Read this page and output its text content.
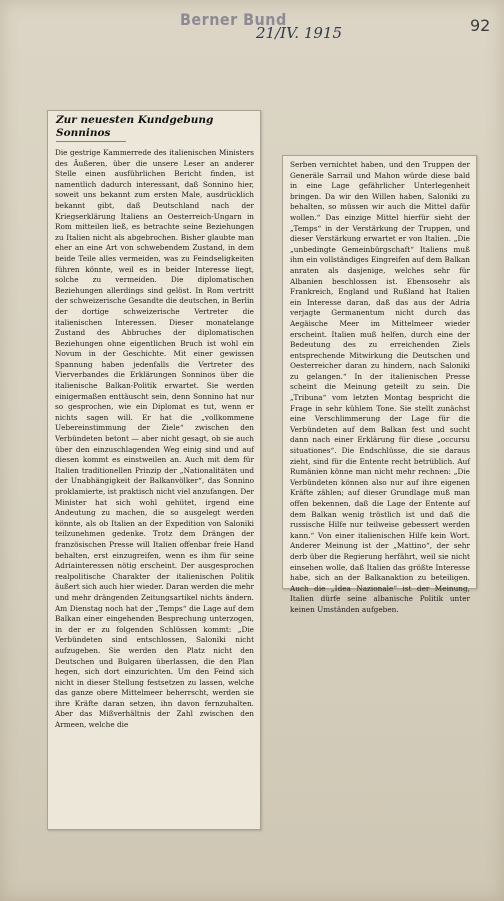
Berner Bund
21/IV. 1915	92
Zur neuesten Kundgebung Sonninos

Die gestrige Kammerrede des italienischen Ministers des Äußeren, über die unsere Leser an anderer Stelle einen ausführlichen Bericht finden, ist namentlich dadurch interessant, daß Sonnino hier, soweit uns bekannt zum ersten Male, ausdrücklich bekannt gibt, daß Deutschland nach der Kriegserklärung Italiens an Oesterreich-Ungarn in Rom mitteilen ließ, es betrachte seine Beziehungen zu Italien nicht als abgebrochen. Bisher glaubte man eher an eine Art von schwebendem Zustand, in dem beide Teile alles vermeiden, was zu Feindseligkeiten führen könnte, weil es in beider Interesse liegt, solche zu vermeiden. Die diplomatischen Beziehungen allerdings sind gelöst. In Rom vertritt der schweizerische Gesandte die deutschen, in Berlin der dortige schweizerische Vertreter die italienischen Interessen. Dieser monatelange Zustand des Abbruches der diplomatischen Beziehungen ohne eigentlichen Bruch ist wohl ein Novum in der Geschichte. Mit einer gewissen Spannung haben jedenfalls die Vertreter des Vierverbandes die Erklärungen Sonninos über die italienische Balkan-Politik erwartet. Sie werden einigermaßen enttäuscht sein, denn Sonnino hat nur so gesprochen, wie ein Diplomat es tut, wenn er nichts sagen will. Er hat die „vollkommene Uebereinstimmung der Ziele“ zwischen den Verbündeten betont — aber nicht gesagt, ob sie auch über den einzuschlagenden Weg einig sind und auf diesen kommt es einstweilen an. Auch mit dem für Italien traditionellen Prinzip der „Nationalitäten und der Unabhängigkeit der Balkanvölker“, das Sonnino proklamierte, ist praktisch nicht viel anzufangen. Der Minister hat sich wohl gehütet, irgend eine Andeutung zu machen, die so ausgelegt werden könnte, als ob Italien an der Expedition von Saloniki teilzunehmen gedenke. Trotz dem Drängen der französischen Presse will Italien offenbar freie Hand behalten, erst einzugreifen, wenn es ihm für seine Adriainteressen nötig erscheint. Der ausgesprochen realpolitische Charakter der italienischen Politik äußert sich auch hier wieder. Daran werden die mehr und mehr drängenden Zeitungsartikel nichts ändern. Am Dienstag noch hat der „Temps“ die Lage auf dem Balkan einer eingehenden Besprechung unterzogen, in der er zu folgenden Schlüssen kommt: „Die Verbündeten sind entschlossen, Saloniki nicht aufzugeben. Sie werden den Platz nicht den Deutschen und Bulgaren überlassen, die den Plan hegen, sich dort einzurichten. Um den Feind sich nicht in dieser Stellung festsetzen zu lassen, welche das ganze obere Mittelmeer beherrscht, werden sie ihre Kräfte daran setzen, ihn davon fernzuhalten. Aber das Mißverhältnis der Zahl zwischen den Armeen, welche die

Serben vernichtet haben, und den Truppen der Generäle Sarrail und Mahon würde diese bald in eine Lage gefährlicher Unterlegenheit bringen. Da wir den Willen haben, Saloniki zu behalten, so müssen wir auch die Mittel dafür wollen.“ Das einzige Mittel hierfür sieht der „Temps“ in der Verstärkung der Truppen, und dieser Verstärkung erwartet er von Italien. „Die „unbedingte Gemeinbürgschaft“ Italiens muß ihm ein vollständiges Eingreifen auf dem Balkan anraten als dasjenige, welches sehr für Albanien beschlossen ist. Ebensosehr als Frankreich, England und Rußland hat Italien ein Interesse daran, daß das aus der Adria verjagte Germanentum nicht durch das Aegäische Meer im Mittelmeer wieder erscheint. Italien muß helfen, durch eine der Bedeutung des zu erreichenden Ziels entsprechende Mitwirkung die Deutschen und Oesterreicher daran zu hindern, nach Saloniki zu gelangen.“ In der italienischen Presse scheint die Meinung geteilt zu sein. Die „Tribuna“ vom letzten Montag bespricht die Frage in sehr kühlem Tone. Sie stellt zunächst eine Verschlimmerung der Lage für die Verbündeten auf dem Balkan fest und sucht dann nach einer Erklärung für diese „occursu situationes“. Die Endschlüsse, die sie daraus zieht, sind für die Entente recht betrüblich. Auf Rumänien könne man nicht mehr rechnen: „Die Verbündeten können also nur auf ihre eigenen Kräfte zählen; auf dieser Grundlage muß man offen bekennen, daß die Lage der Entente auf dem Balkan wenig tröstlich ist und daß die russische Hilfe nur teilweise gebessert werden kann.“ Von einer italienischen Hilfe kein Wort. Anderer Meinung ist der „Mattino“, der sehr derb über die Regierung herfährt, weil sie nicht einsehen wolle, daß Italien das größte Interesse habe, sich an der Balkanaktion zu beteiligen. Auch die „Idea Nazionale“ ist der Meinung, Italien dürfe seine albanische Politik unter keinen Umständen aufgeben.
